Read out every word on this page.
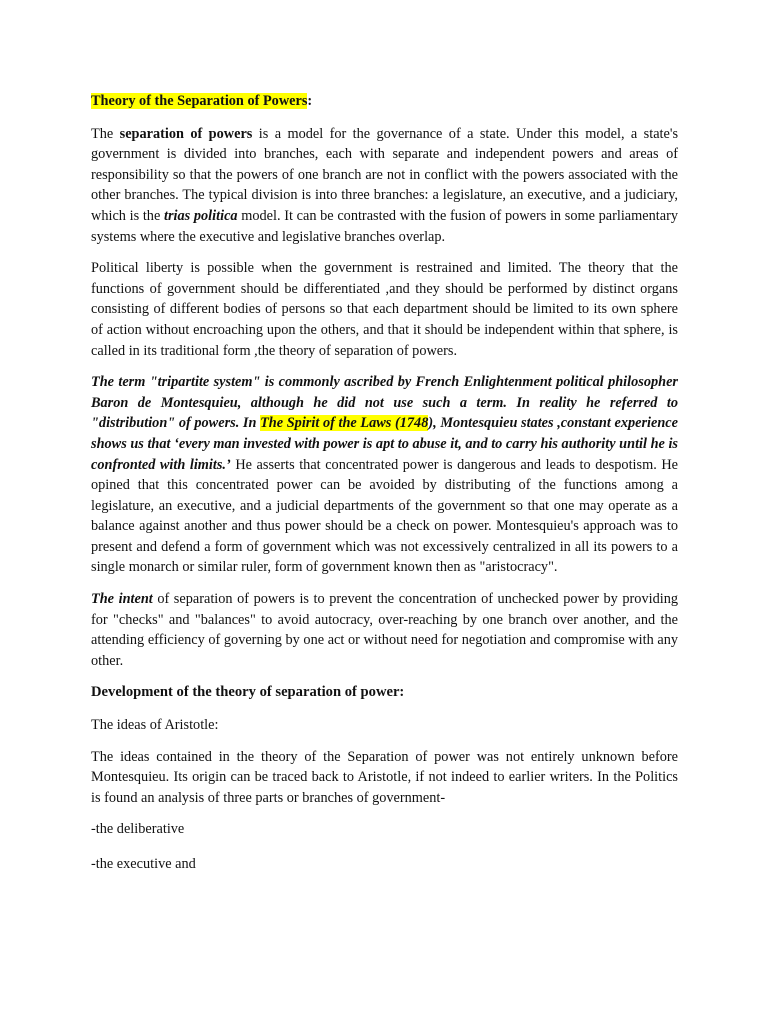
Theory of the Separation of Powers:

The separation of powers is a model for the governance of a state. Under this model, a state's government is divided into branches, each with separate and independent powers and areas of responsibility so that the powers of one branch are not in conflict with the powers associated with the other branches. The typical division is into three branches: a legislature, an executive, and a judiciary, which is the trias politica model. It can be contrasted with the fusion of powers in some parliamentary systems where the executive and legislative branches overlap.

Political liberty is possible when the government is restrained and limited. The theory that the functions of government should be differentiated ,and they should be performed by distinct organs consisting of different bodies of persons so that each department should be limited to its own sphere of action without encroaching upon the others, and that it should be independent within that sphere, is called in its traditional form ,the theory of separation of powers.

The term "tripartite system" is commonly ascribed by French Enlightenment political philosopher Baron de Montesquieu, although he did not use such a term. In reality he referred to "distribution" of powers. In The Spirit of the Laws (1748), Montesquieu states ,constant experience shows us that ‘every man invested with power is apt to abuse it, and to carry his authority until he is confronted with limits.’ He asserts that concentrated power is dangerous and leads to despotism. He opined that this concentrated power can be avoided by distributing of the functions among a legislature, an executive, and a judicial departments of the government so that one may operate as a balance against another and thus power should be a check on power. Montesquieu's approach was to present and defend a form of government which was not excessively centralized in all its powers to a single monarch or similar ruler, form of government known then as "aristocracy".

The intent of separation of powers is to prevent the concentration of unchecked power by providing for "checks" and "balances" to avoid autocracy, over-reaching by one branch over another, and the attending efficiency of governing by one act or without need for negotiation and compromise with any other.

Development of the theory of separation of power:

The ideas of Aristotle:

The ideas contained in the theory of the Separation of power was not entirely unknown before Montesquieu. Its origin can be traced back to Aristotle, if not indeed to earlier writers. In the Politics is found an analysis of three parts or branches of government-

-the deliberative

-the executive and
